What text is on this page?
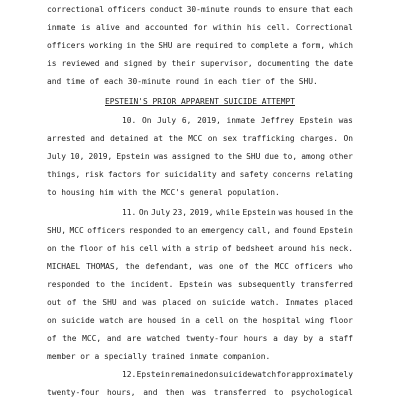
correctional officers conduct 30-minute rounds to ensure that each
inmate is alive and accounted for within his cell. Correctional
officers working in the SHU are required to complete a form, which
is reviewed and signed by their supervisor, documenting the date
and time of each 30-minute round in each tier of the SHU.
EPSTEIN'S PRIOR APPARENT SUICIDE ATTEMPT
10. On July 6, 2019, inmate Jeffrey Epstein was
arrested and detained at the MCC on sex trafficking charges. On
July 10, 2019, Epstein was assigned to the SHU due to, among other
things, risk factors for suicidality and safety concerns relating
to housing him with the MCC's general population.
11. On July 23, 2019, while Epstein was housed in the
SHU, MCC officers responded to an emergency call, and found Epstein
on the floor of his cell with a strip of bedsheet around his neck.
MICHAEL THOMAS, the defendant, was one of the MCC officers who
responded to the incident. Epstein was subsequently transferred
out of the SHU and was placed on suicide watch. Inmates placed
on suicide watch are housed in a cell on the hospital wing floor
of the MCC, and are watched twenty-four hours a day by a staff
member or a specially trained inmate companion.
12. Epstein remained on suicide watch for approximately
twenty-four hours, and then was transferred to psychological
